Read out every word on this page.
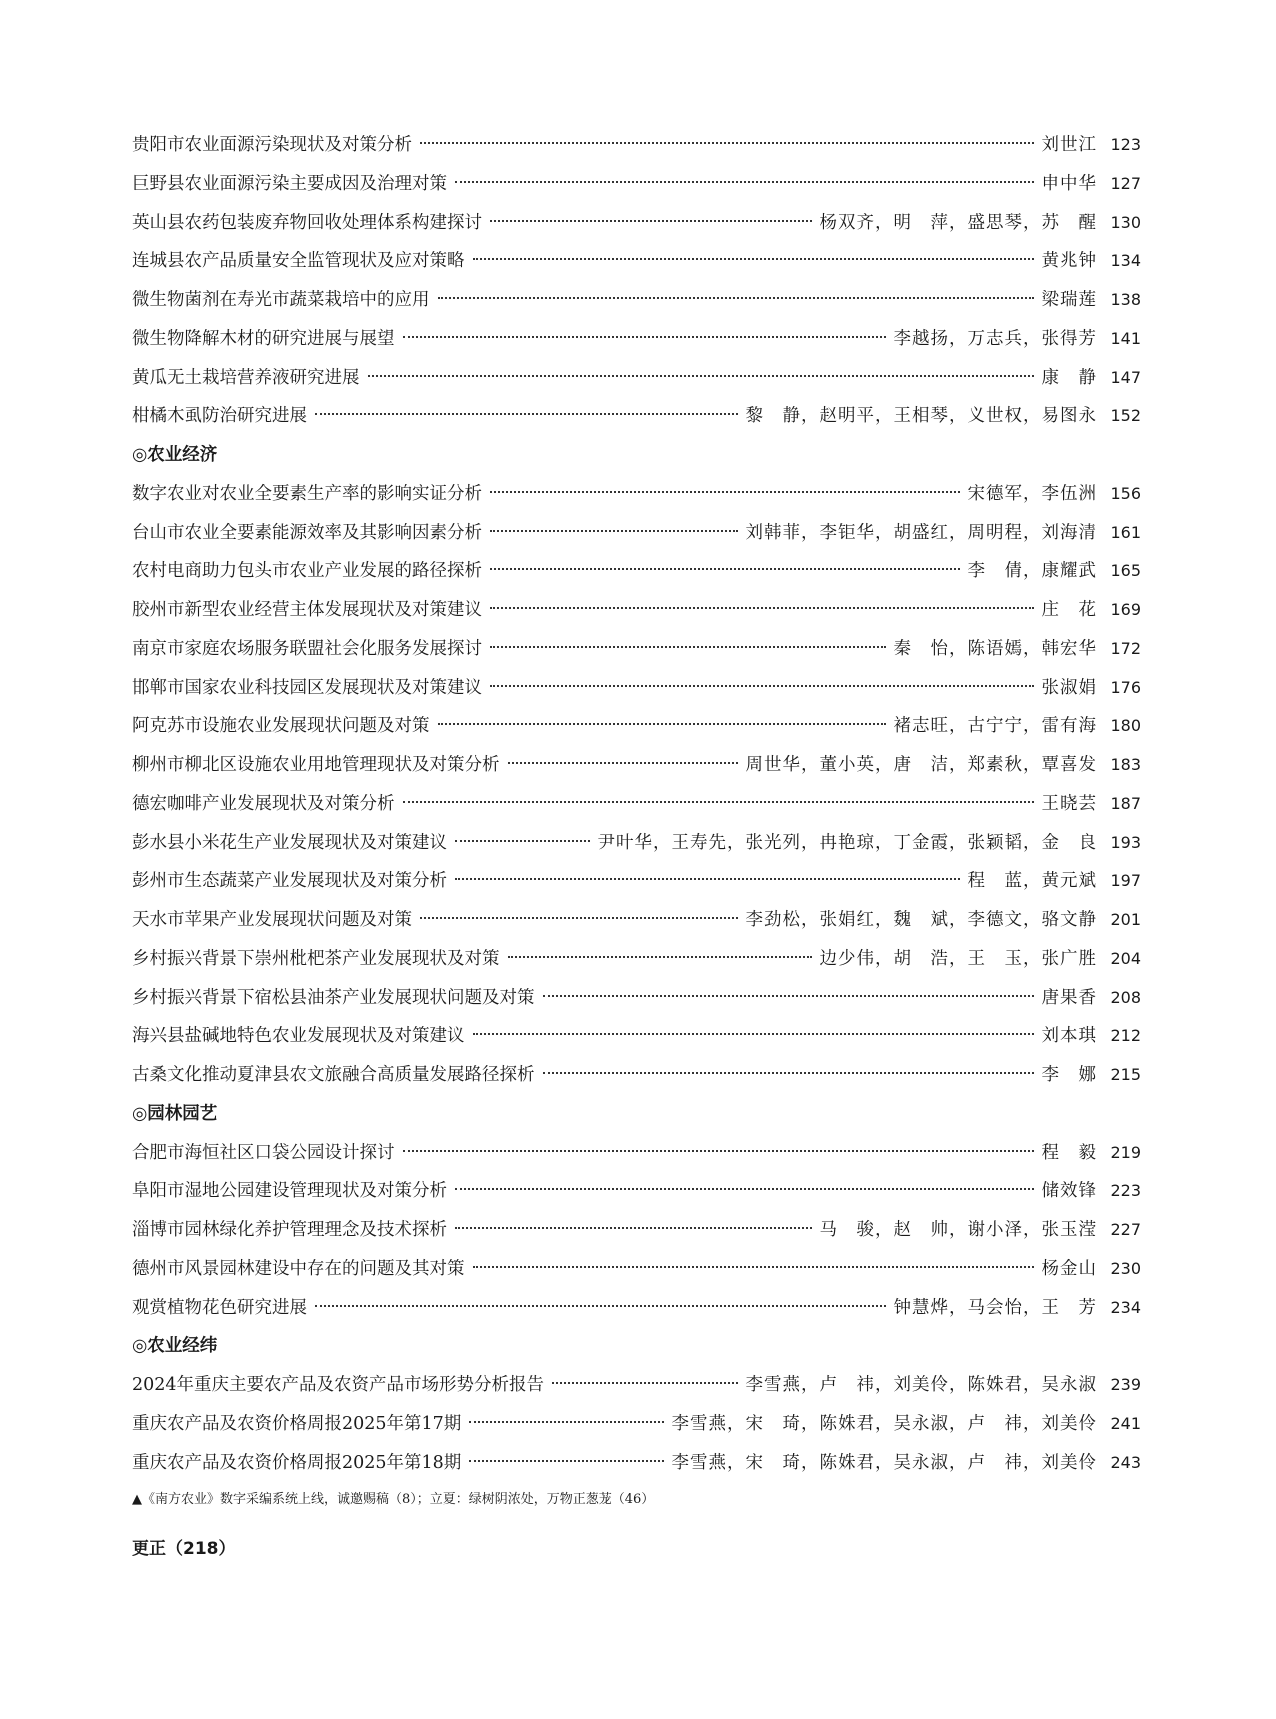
贵阳市农业面源污染现状及对策分析	刘世江 123
巨野县农业面源污染主要成因及治理对策	申中华 127
英山县农药包装废弃物回收处理体系构建探讨	杨双齐，明　萍，盛思琴，苏　醒 130
连城县农产品质量安全监管现状及应对策略	黄兆钟 134
微生物菌剂在寿光市蔬菜栽培中的应用	梁瑞莲 138
微生物降解木材的研究进展与展望	李越扬，万志兵，张得芳 141
黄瓜无土栽培营养液研究进展	康　静 147
柑橘木虱防治研究进展	黎　静，赵明平，王相琴，义世权，易图永 152
◎农业经济
数字农业对农业全要素生产率的影响实证分析	宋德军，李伍洲 156
台山市农业全要素能源效率及其影响因素分析	刘韩菲，李钜华，胡盛红，周明程，刘海清 161
农村电商助力包头市农业产业发展的路径探析	李　倩，康耀武 165
胶州市新型农业经营主体发展现状及对策建议	庄　花 169
南京市家庭农场服务联盟社会化服务发展探讨	秦　怡，陈语嫣，韩宏华 172
邯郸市国家农业科技园区发展现状及对策建议	张淑娟 176
阿克苏市设施农业发展现状问题及对策	褚志旺，古宁宁，雷有海 180
柳州市柳北区设施农业用地管理现状及对策分析	周世华，董小英，唐　洁，郑素秋，覃喜发 183
德宏咖啡产业发展现状及对策分析	王晓芸 187
彭水县小米花生产业发展现状及对策建议	尹叶华，王寿先，张光列，冉艳琼，丁金霞，张颖韬，金　良 193
彭州市生态蔬菜产业发展现状及对策分析	程　蓝，黄元斌 197
天水市苹果产业发展现状问题及对策	李劲松，张娟红，魏　斌，李德文，骆文静 201
乡村振兴背景下崇州枇杷茶产业发展现状及对策	边少伟，胡　浩，王　玉，张广胜 204
乡村振兴背景下宿松县油茶产业发展现状问题及对策	唐果香 208
海兴县盐碱地特色农业发展现状及对策建议	刘本琪 212
古桑文化推动夏津县农文旅融合高质量发展路径探析	李　娜 215
◎园林园艺
合肥市海恒社区口袋公园设计探讨	程　毅 219
阜阳市湿地公园建设管理现状及对策分析	储效锋 223
淄博市园林绿化养护管理理念及技术探析	马　骏，赵　帅，谢小泽，张玉滢 227
德州市风景园林建设中存在的问题及其对策	杨金山 230
观赏植物花色研究进展	钟慧烨，马会怡，王　芳 234
◎农业经纬
2024年重庆主要农产品及农资产品市场形势分析报告	李雪燕，卢　祎，刘美伶，陈姝君，吴永淑 239
重庆农产品及农资价格周报2025年第17期	李雪燕，宋　琦，陈姝君，吴永淑，卢　祎，刘美伶 241
重庆农产品及农资价格周报2025年第18期	李雪燕，宋　琦，陈姝君，吴永淑，卢　祎，刘美伶 243
▲《南方农业》数字采编系统上线，诚邀赐稿（8）；立夏：绿树阴浓处，万物正葱茏（46）
更正（218）
